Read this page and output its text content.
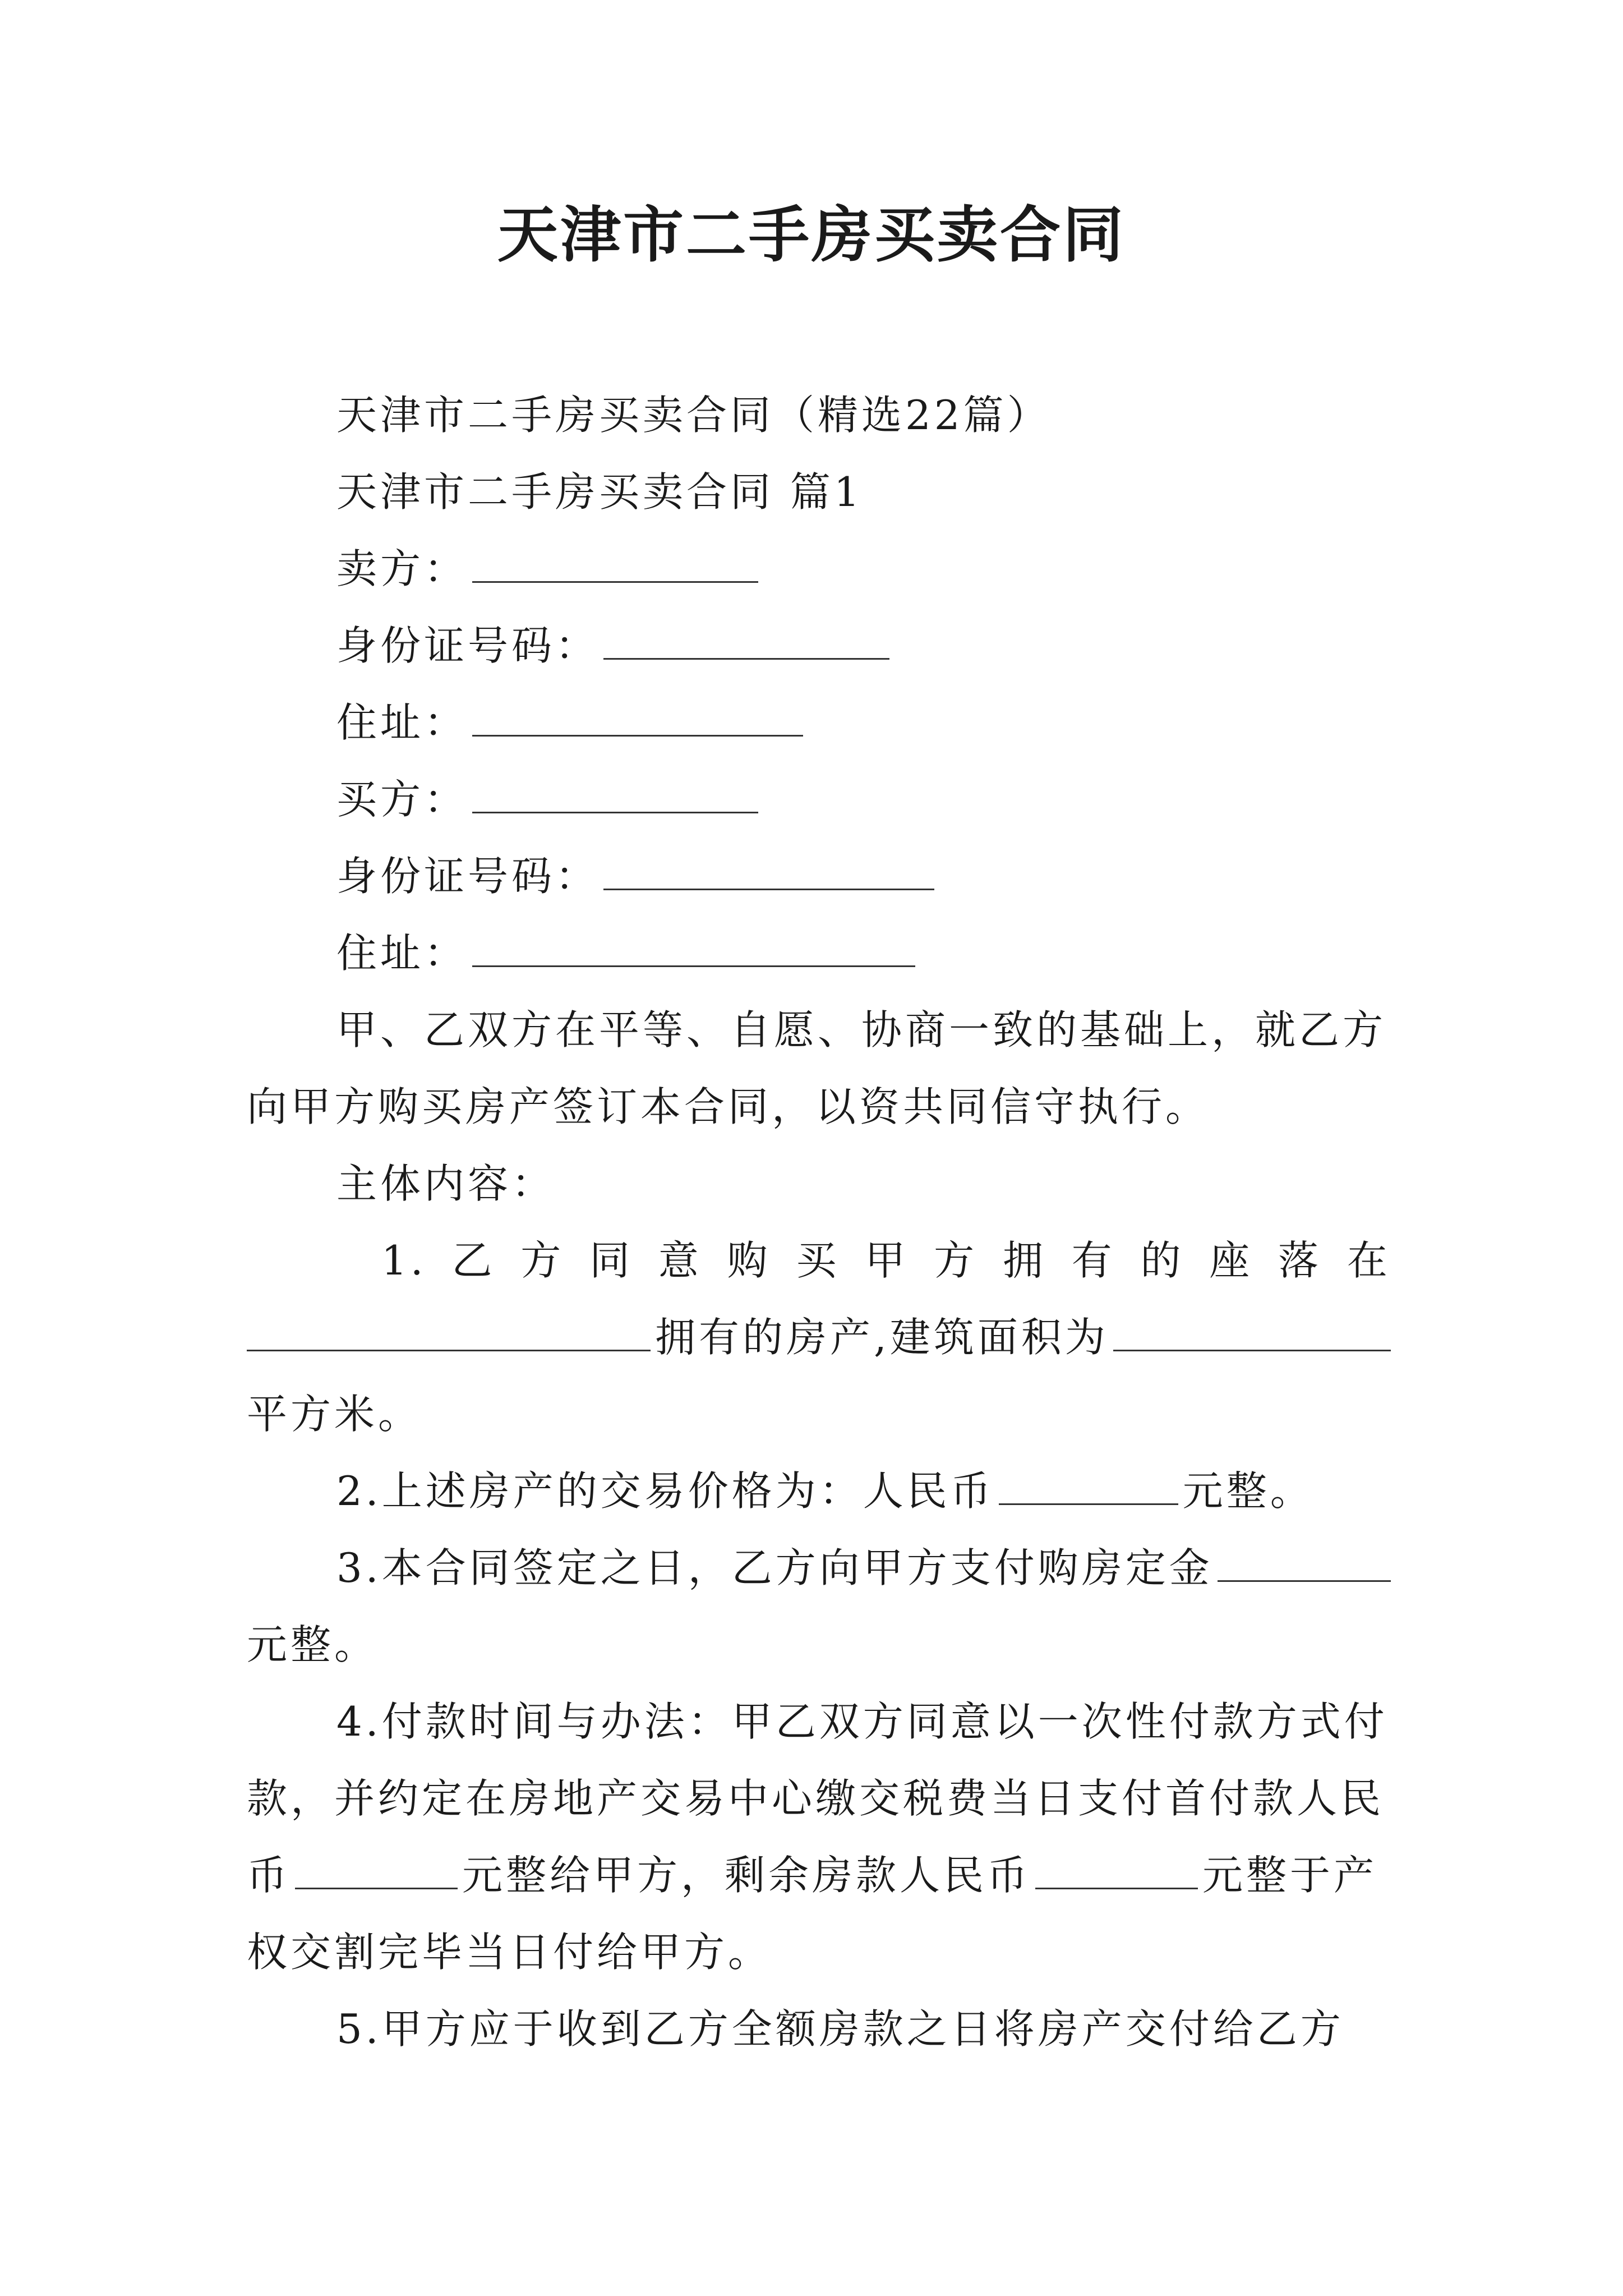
天津市二手房买卖合同
天津市二手房买卖合同（精选22篇）
天津市二手房买卖合同 篇1
卖方：
身份证号码：
住址：
买方：
身份证号码：
住址：
甲、乙双方在平等、自愿、协商一致的基础上，就乙方
向甲方购买房产签订本合同，以资共同信守执行。
主体内容：
1. 乙 方 同 意 购 买 甲 方 拥 有 的 座 落 在
拥有的房产,建筑面积为
平方米。
2.上述房产的交易价格为：人民币	元整。
3.本合同签定之日，乙方向甲方支付购房定金
元整。
4.付款时间与办法：甲乙双方同意以一次性付款方式付
款，并约定在房地产交易中心缴交税费当日支付首付款人民
币	元整给甲方，剩余房款人民币	元整于产
权交割完毕当日付给甲方。
5.甲方应于收到乙方全额房款之日将房产交付给乙方
